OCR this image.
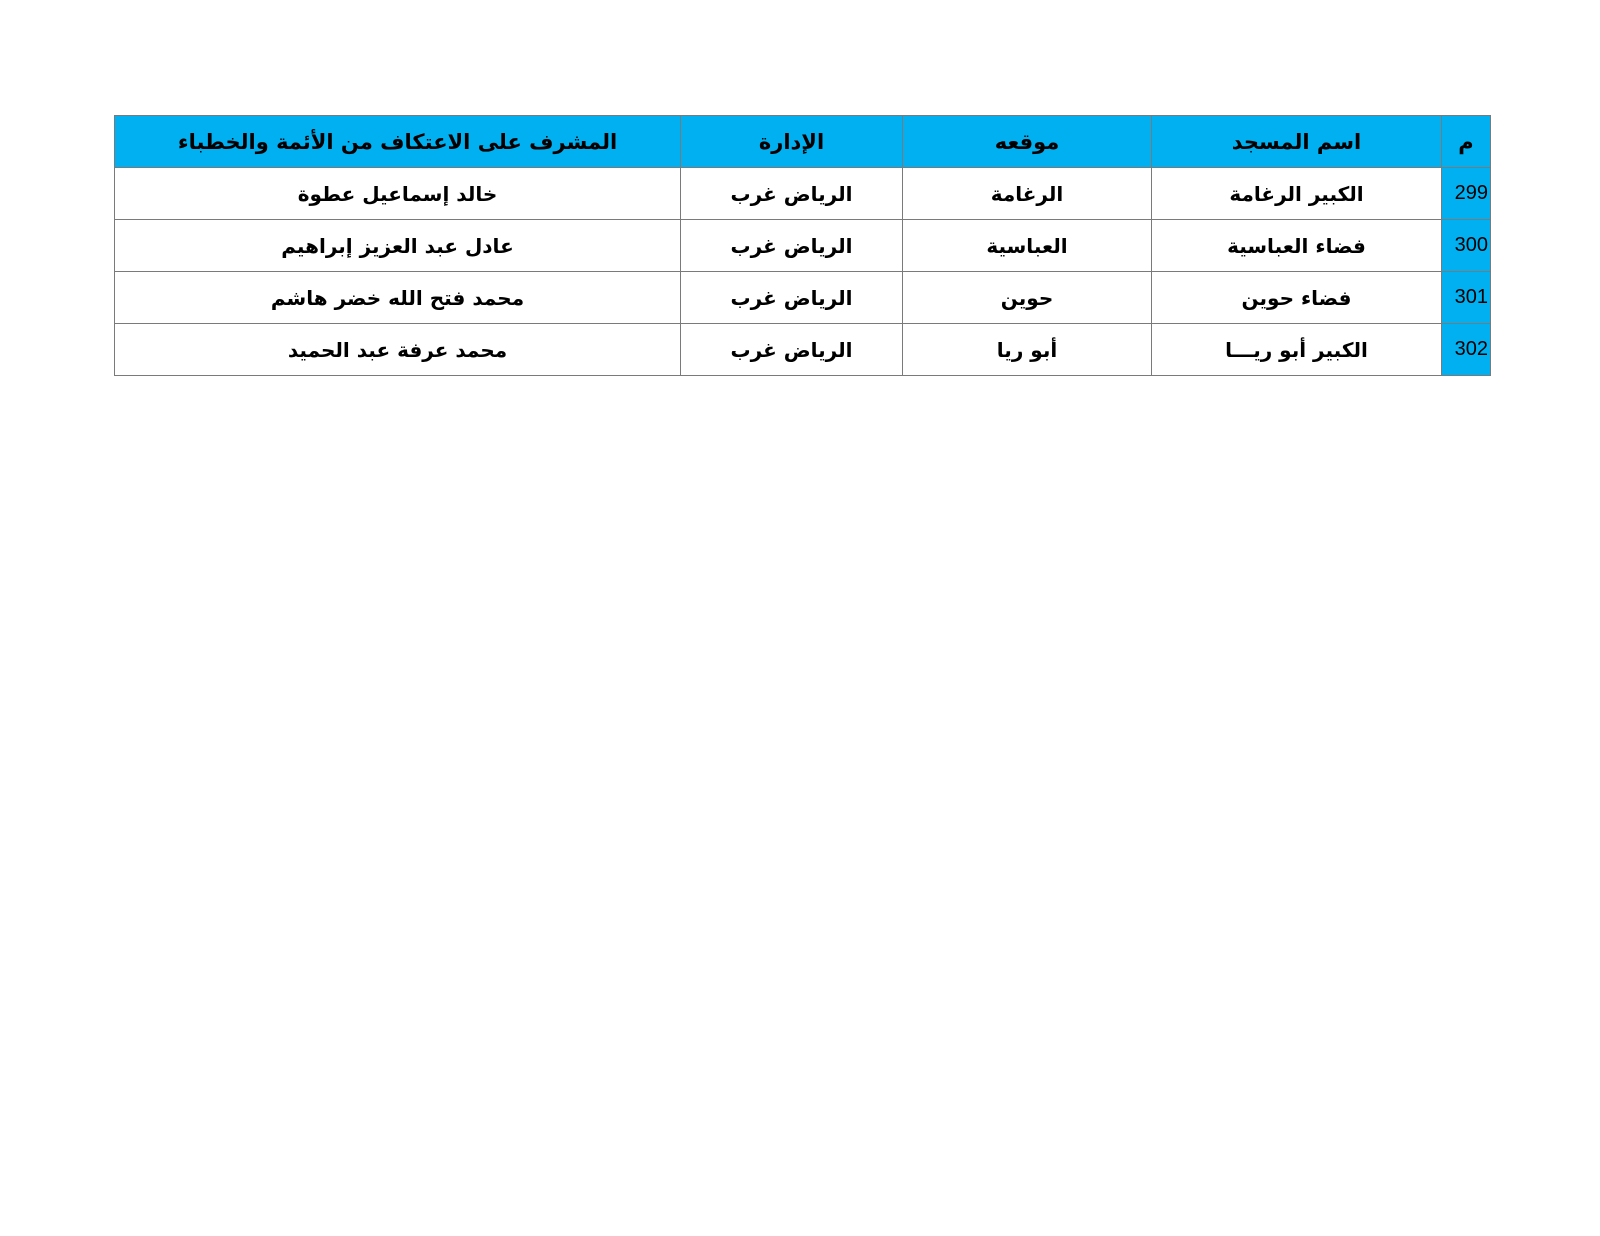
م	اسم المسجد	موقعه	الإدارة	المشرف على الاعتكاف من الأئمة والخطباء
299	الكبير الرغامة	الرغامة	الرياض غرب	خالد إسماعيل عطوة
300	فضاء العباسية	العباسية	الرياض غرب	عادل عبد العزيز إبراهيم
301	فضاء حوين	حوين	الرياض غرب	محمد فتح الله خضر هاشم
302	الكبير أبو ريـــا	أبو ريا	الرياض غرب	محمد عرفة عبد الحميد
